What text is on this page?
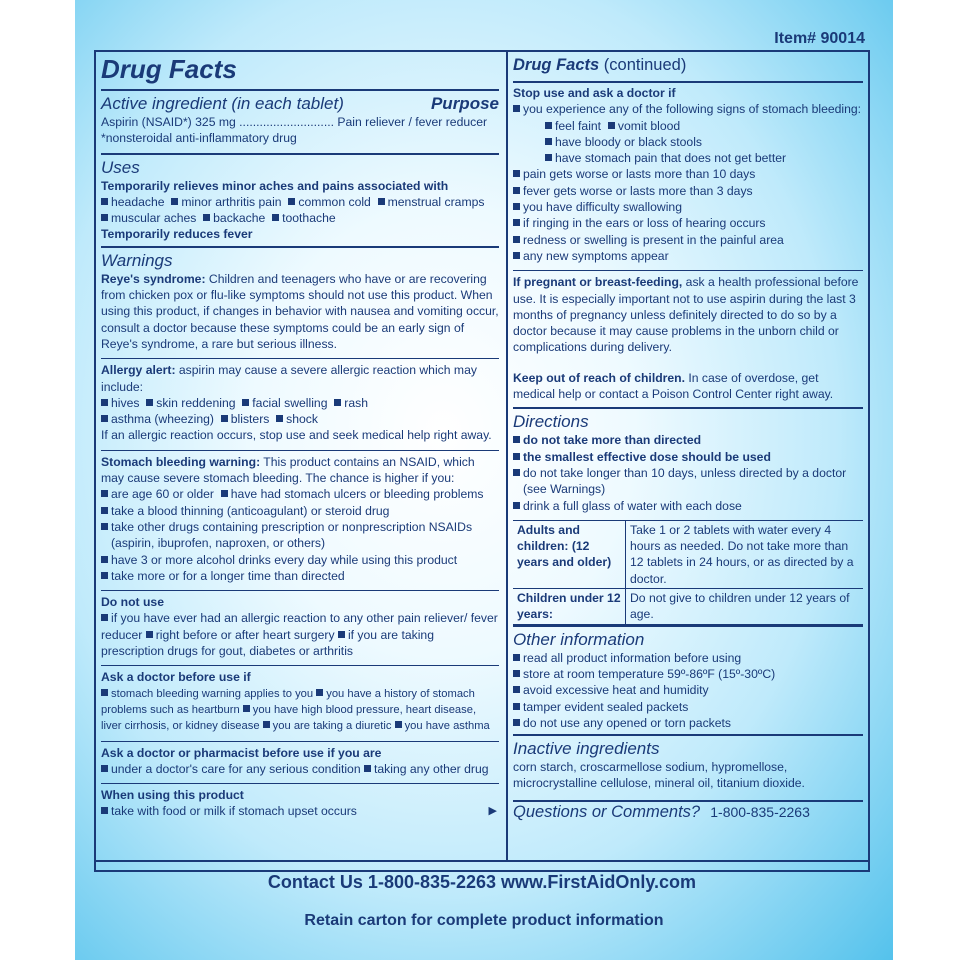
Item# 90014

Drug Facts

Active ingredient (in each tablet)	Purpose

Aspirin (NSAID*) 325 mg ............................ Pain reliever / fever reducer

*nonsteroidal anti-inflammatory drug

Uses

Temporarily relieves minor aches and pains associated with

headache minor arthritis pain common cold menstrual cramps

muscular aches backache toothache

Temporarily reduces fever

Warnings

Reye's syndrome: Children and teenagers who have or are recovering from chicken pox or flu-like symptoms should not use this product. When using this product, if changes in behavior with nausea and vomiting occur, consult a doctor because these symptoms could be an early sign of Reye's syndrome, a rare but serious illness.

Allergy alert: aspirin may cause a severe allergic reaction which may include:

hives skin reddening facial swelling rash

asthma (wheezing) blisters shock

If an allergic reaction occurs, stop use and seek medical help right away.

Stomach bleeding warning: This product contains an NSAID, which may cause severe stomach bleeding. The chance is higher if you:

are age 60 or older have had stomach ulcers or bleeding problems

take a blood thinning (anticoagulant) or steroid drug

take other drugs containing prescription or nonprescription NSAIDs (aspirin, ibuprofen, naproxen, or others)

have 3 or more alcohol drinks every day while using this product

take more or for a longer time than directed

Do not use

if you have ever had an allergic reaction to any other pain reliever/ fever reducer right before or after heart surgery if you are taking prescription drugs for gout, diabetes or arthritis

Ask a doctor before use if

stomach bleeding warning applies to you you have a history of stomach problems such as heartburn you have high blood pressure, heart disease, liver cirrhosis, or kidney disease you are taking a diuretic you have asthma

Ask a doctor or pharmacist before use if you are

under a doctor's care for any serious condition taking any other drug

When using this product

take with food or milk if stomach upset occurs	▶

Drug Facts (continued)

Stop use and ask a doctor if

you experience any of the following signs of stomach bleeding:

feel faint vomit blood

have bloody or black stools

have stomach pain that does not get better

pain gets worse or lasts more than 10 days

fever gets worse or lasts more than 3 days

you have difficulty swallowing

if ringing in the ears or loss of hearing occurs

redness or swelling is present in the painful area

any new symptoms appear

If pregnant or breast-feeding, ask a health professional before use. It is especially important not to use aspirin during the last 3 months of pregnancy unless definitely directed to do so by a doctor because it may cause problems in the unborn child or complications during delivery.

Keep out of reach of children. In case of overdose, get medical help or contact a Poison Control Center right away.

Directions

do not take more than directed

the smallest effective dose should be used

do not take longer than 10 days, unless directed by a doctor (see Warnings)

drink a full glass of water with each dose

Adults and children: (12 years and older)	Take 1 or 2 tablets with water every 4 hours as needed. Do not take more than 12 tablets in 24 hours, or as directed by a doctor.
Children under 12 years:	Do not give to children under 12 years of age.

Other information

read all product information before using

store at room temperature 59º-86ºF (15º-30ºC)

avoid excessive heat and humidity

tamper evident sealed packets

do not use any opened or torn packets

Inactive ingredients

corn starch, croscarmellose sodium, hypromellose, microcrystalline cellulose, mineral oil, titanium dioxide.

Questions or Comments? 1-800-835-2263

Contact Us 1-800-835-2263 www.FirstAidOnly.com
Retain carton for complete product information
